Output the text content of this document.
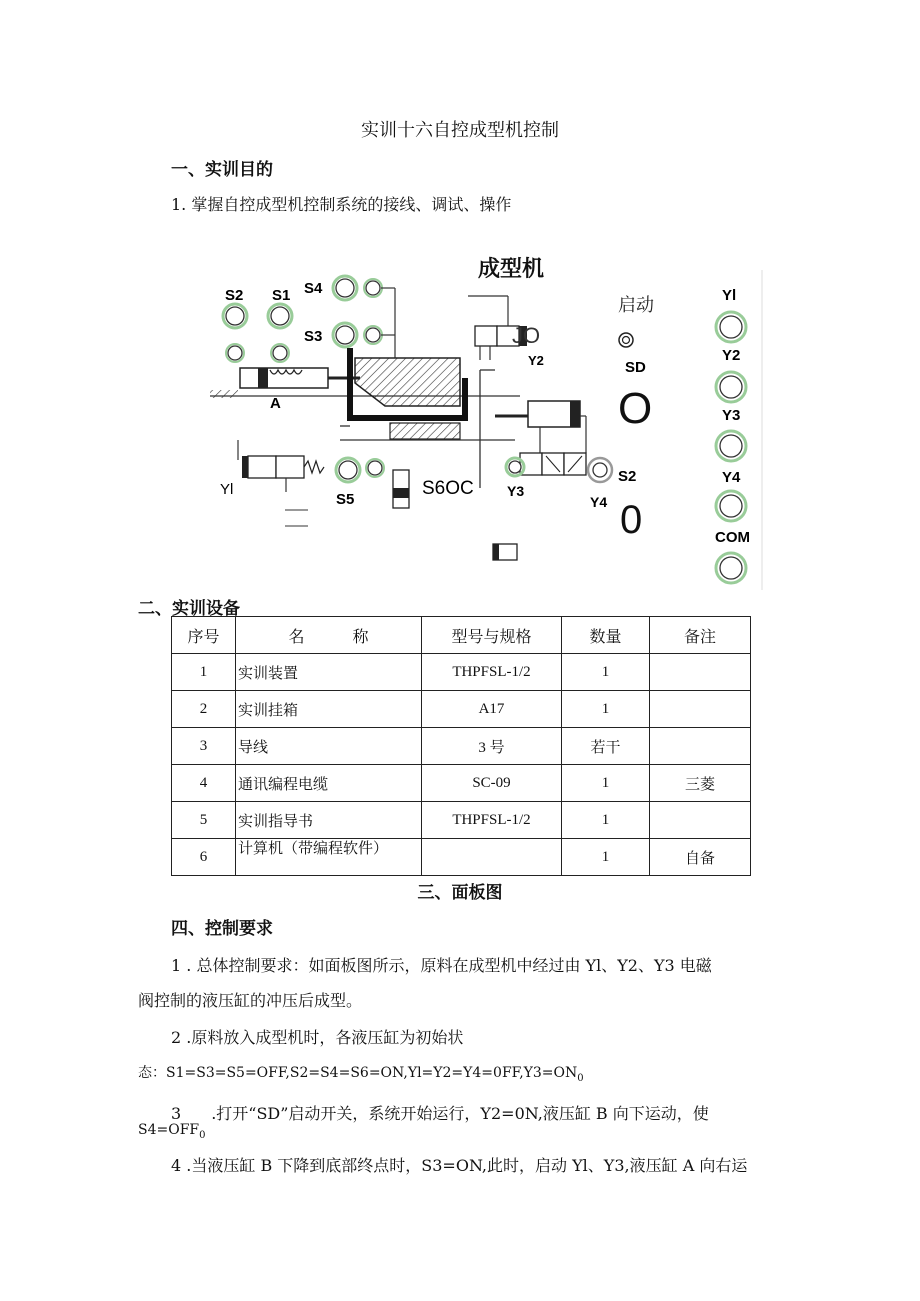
实训十六自控成型机控制
一、实训目的
1. 掌握自控成型机控制系统的接线、调试、操作
成型机
S2 S1 S4
S3
A
JO
Y2
启动
SD
O
Y3
S2
Y4 0
Yl
S5
S6OC
Yl
Y2
Y3
Y4
COM
二、实训设备
序号	名　　　称	型号与规格	数量	备注
1	实训装置	THPFSL-1/2	1	
2	实训挂箱	A17	1	
3	导线	3 号	若干	
4	通讯编程电缆	SC-09	1	三菱
5	实训指导书	THPFSL-1/2	1	
6	计算机（带编程软件）		1	自备
三、面板图
四、控制要求
1 . 总体控制要求：如面板图所示，原料在成型机中经过由 Yl、Y2、Y3 电磁
阀控制的液压缸的冲压后成型。
2 .原料放入成型机时，各液压缸为初始状
态：$S1=S3=S5=OFF,S2=S4=S6=ON,Yl=Y2=Y4=0FF,Y3=ON_0$
3 .打开“SD”启动开关，系统开始运行，Y2=0N,液压缸 B 向下运动，使
$S4=OFF_0$
4 .当液压缸 B 下降到底部终点时，S3=ON,此时，启动 Yl、Y3,液压缸 A 向右运
